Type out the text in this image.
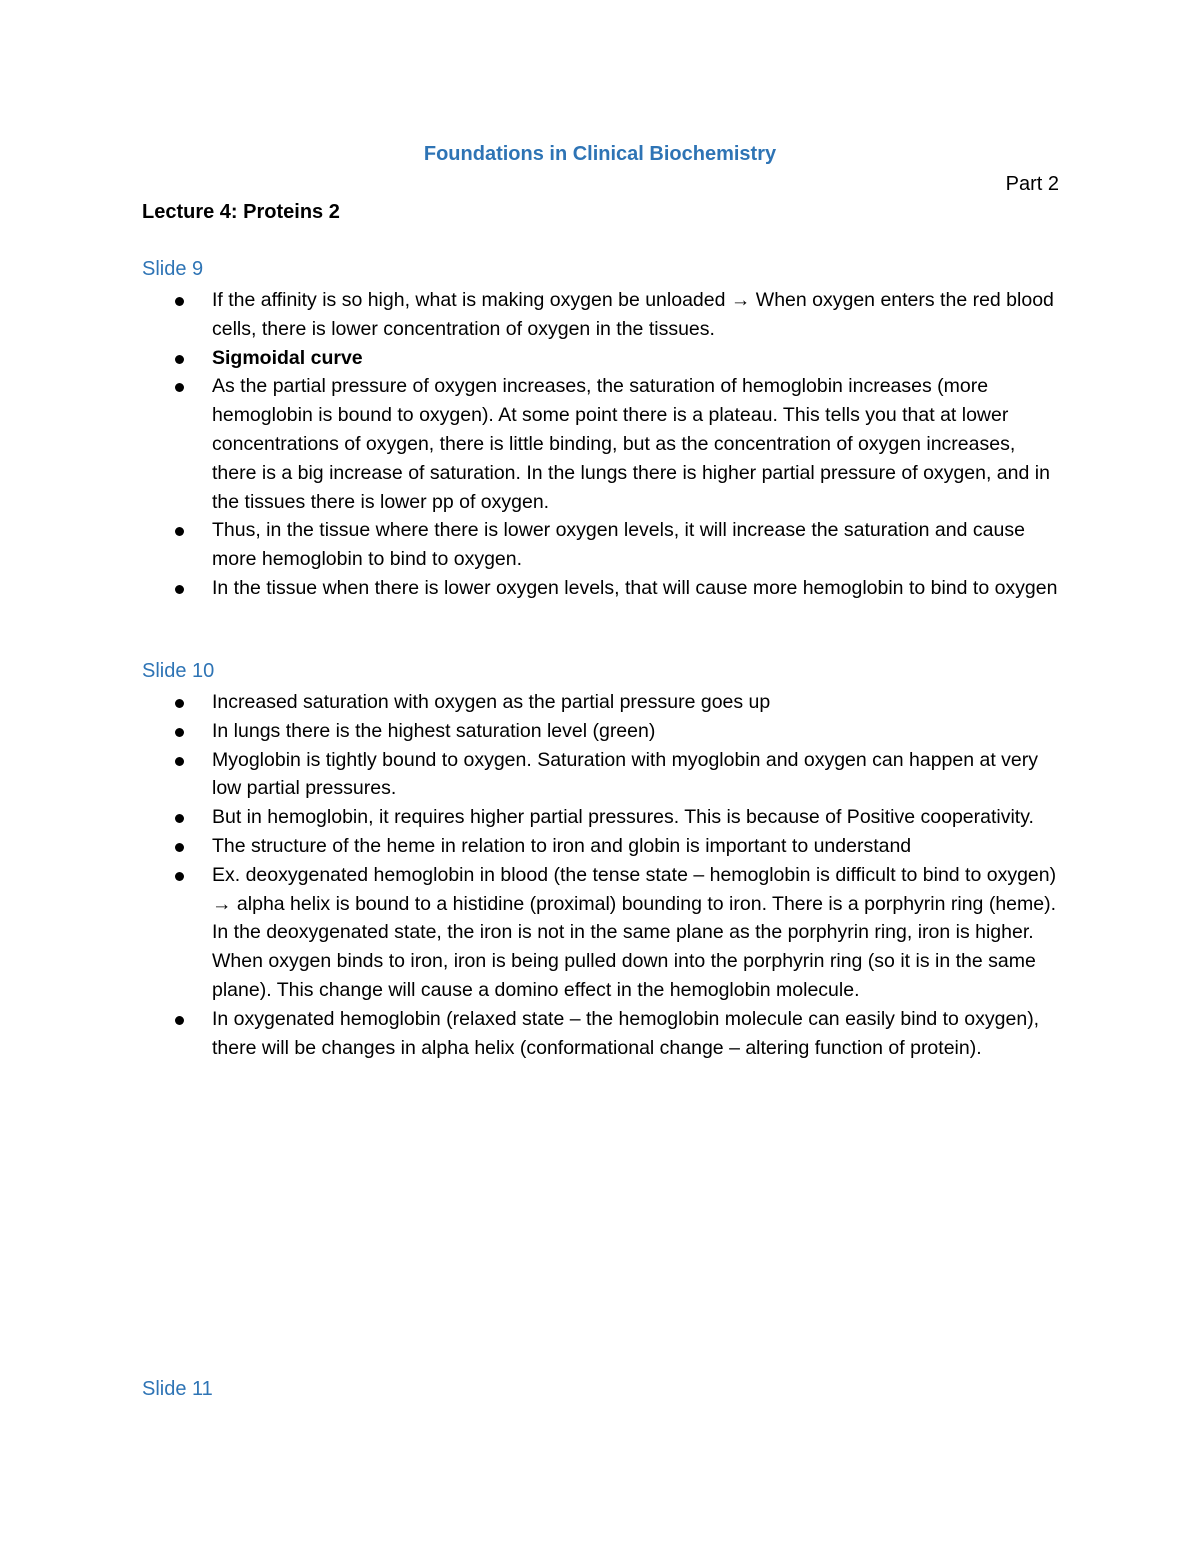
Foundations in Clinical Biochemistry
Part 2
Lecture 4: Proteins 2
Slide 9
If the affinity is so high, what is making oxygen be unloaded → When oxygen enters the red blood cells, there is lower concentration of oxygen in the tissues.
Sigmoidal curve
As the partial pressure of oxygen increases, the saturation of hemoglobin increases (more hemoglobin is bound to oxygen). At some point there is a plateau. This tells you that at lower concentrations of oxygen, there is little binding, but as the concentration of oxygen increases, there is a big increase of saturation. In the lungs there is higher partial pressure of oxygen, and in the tissues there is lower pp of oxygen.
Thus, in the tissue where there is lower oxygen levels, it will increase the saturation and cause more hemoglobin to bind to oxygen.
In the tissue when there is lower oxygen levels, that will cause more hemoglobin to bind to oxygen
Slide 10
Increased saturation with oxygen as the partial pressure goes up
In lungs there is the highest saturation level (green)
Myoglobin is tightly bound to oxygen. Saturation with myoglobin and oxygen can happen at very low partial pressures.
But in hemoglobin, it requires higher partial pressures. This is because of Positive cooperativity.
The structure of the heme in relation to iron and globin is important to understand
Ex. deoxygenated hemoglobin in blood (the tense state – hemoglobin is difficult to bind to oxygen) → alpha helix is bound to a histidine (proximal) bounding to iron. There is a porphyrin ring (heme). In the deoxygenated state, the iron is not in the same plane as the porphyrin ring, iron is higher. When oxygen binds to iron, iron is being pulled down into the porphyrin ring (so it is in the same plane). This change will cause a domino effect in the hemoglobin molecule.
In oxygenated hemoglobin (relaxed state – the hemoglobin molecule can easily bind to oxygen), there will be changes in alpha helix (conformational change – altering function of protein).
Slide 11
